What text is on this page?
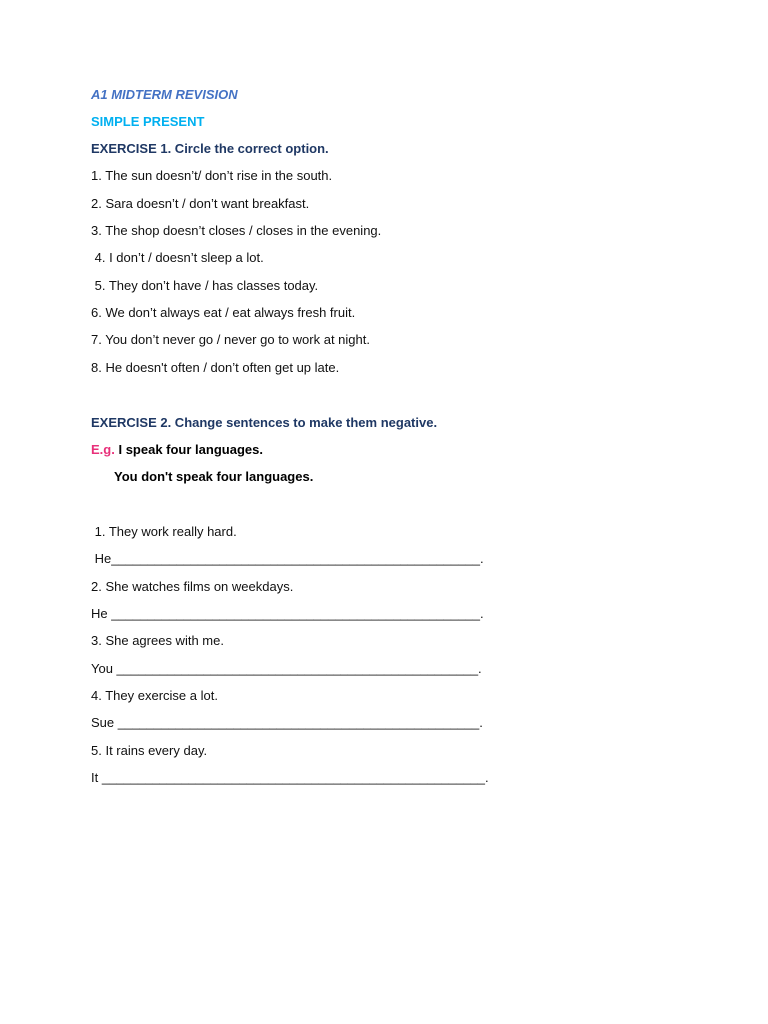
A1 MIDTERM REVISION
SIMPLE PRESENT
EXERCISE 1. Circle the correct option.
1. The sun doesn’t/ don’t rise in the south.
2. Sara doesn’t / don’t want breakfast.
3. The shop doesn’t closes / closes in the evening.
4. I don’t / doesn’t sleep a lot.
5. They don’t have / has classes today.
6. We don’t always eat / eat always fresh fruit.
7. You don’t never go / never go to work at night.
8. He doesn't often / don’t often get up late.
EXERCISE 2. Change sentences to make them negative.
E.g. I speak four languages.
You don't speak four languages.
1. They work really hard.
He___________________________________________________.
2. She watches films on weekdays.
He ___________________________________________________.
3. She agrees with me.
You __________________________________________________.
4. They exercise a lot.
Sue __________________________________________________.
5. It rains every day.
It _____________________________________________________.
